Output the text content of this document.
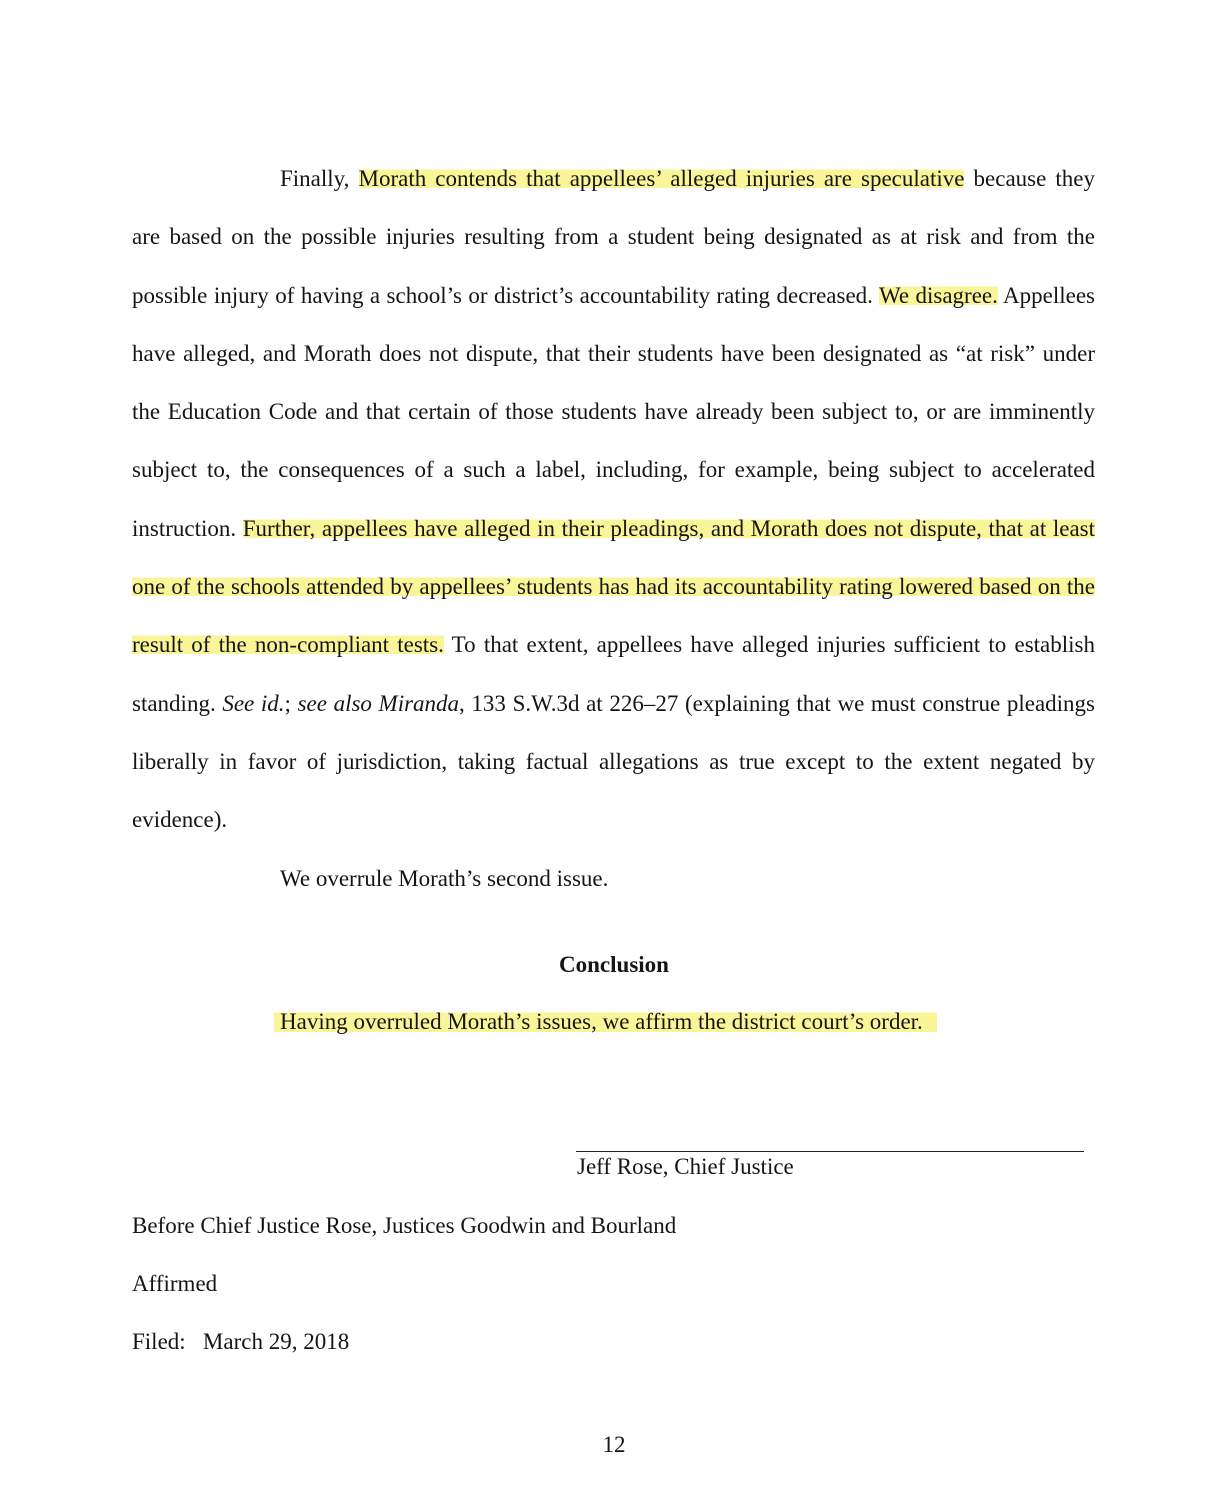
Finally, Morath contends that appellees’ alleged injuries are speculative because they are based on the possible injuries resulting from a student being designated as at risk and from the possible injury of having a school’s or district’s accountability rating decreased. We disagree. Appellees have alleged, and Morath does not dispute, that their students have been designated as “at risk” under the Education Code and that certain of those students have already been subject to, or are imminently subject to, the consequences of a such a label, including, for example, being subject to accelerated instruction. Further, appellees have alleged in their pleadings, and Morath does not dispute, that at least one of the schools attended by appellees’ students has had its accountability rating lowered based on the result of the non-compliant tests. To that extent, appellees have alleged injuries sufficient to establish standing. See id.; see also Miranda, 133 S.W.3d at 226–27 (explaining that we must construe pleadings liberally in favor of jurisdiction, taking factual allegations as true except to the extent negated by evidence).

We overrule Morath’s second issue.

Conclusion
Having overruled Morath’s issues, we affirm the district court’s order.
Jeff Rose, Chief Justice
Before Chief Justice Rose, Justices Goodwin and Bourland
Affirmed
Filed: March 29, 2018
12
